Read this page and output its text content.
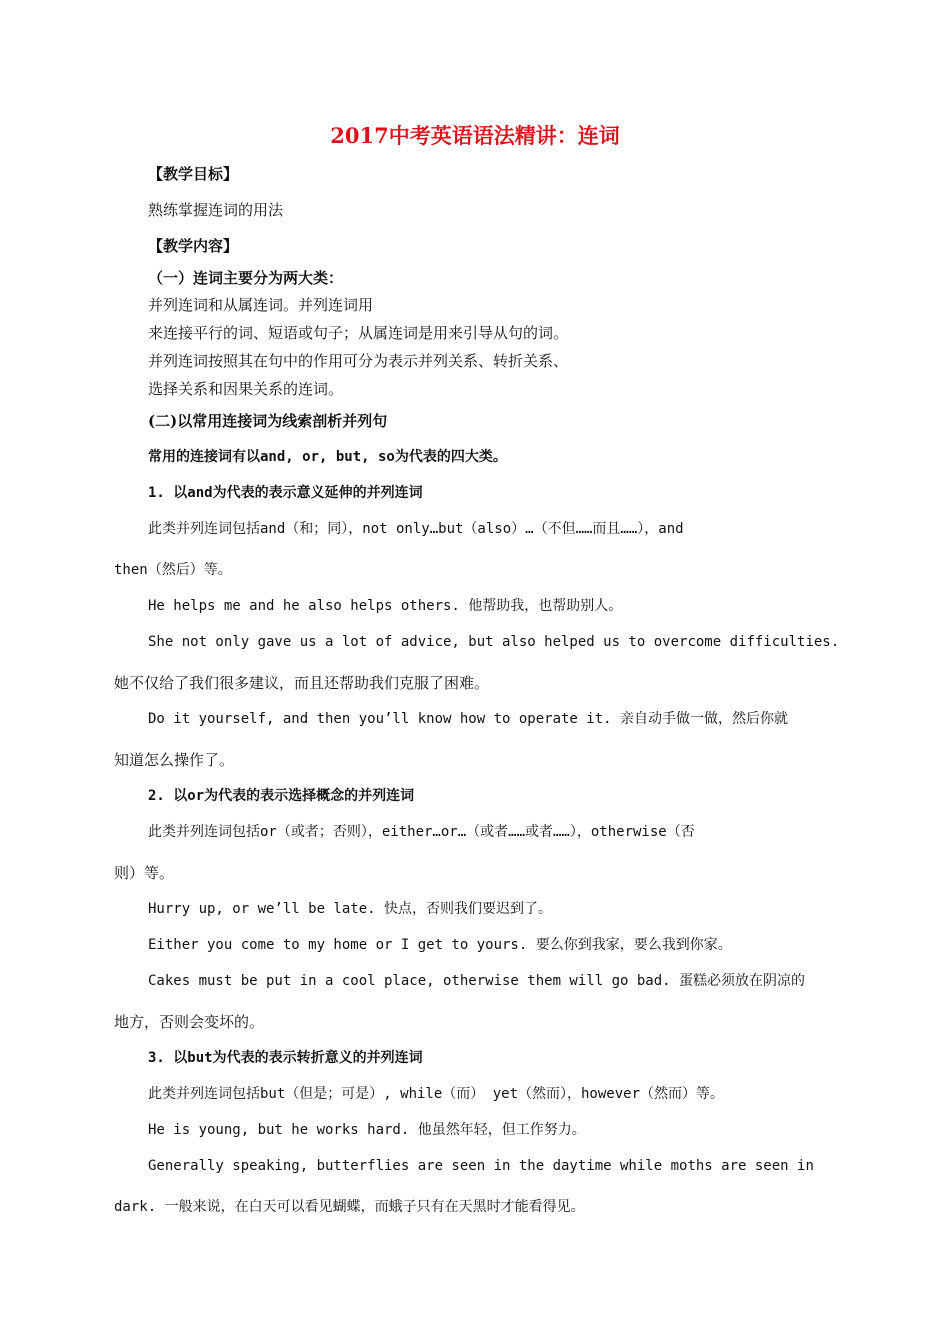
2017中考英语语法精讲：连词
【教学目标】
熟练掌握连词的用法
【教学内容】
（一）连词主要分为两大类：
并列连词和从属连词。并列连词用
来连接平行的词、短语或句子；从属连词是用来引导从句的词。
并列连词按照其在句中的作用可分为表示并列关系、转折关系、
选择关系和因果关系的连词。
(二)以常用连接词为线索剖析并列句
常用的连接词有以and, or, but, so为代表的四大类。
1. 以and为代表的表示意义延伸的并列连词
此类并列连词包括and（和；同），not only…but（also）…（不但……而且……），and
then（然后）等。
He helps me and he also helps others. 他帮助我，也帮助别人。
She not only gave us a lot of advice, but also helped us to overcome difficulties.
她不仅给了我们很多建议，而且还帮助我们克服了困难。
Do it yourself, and then you’ll know how to operate it. 亲自动手做一做，然后你就
知道怎么操作了。
2. 以or为代表的表示选择概念的并列连词
此类并列连词包括or（或者；否则），either…or…（或者……或者……），otherwise（否
则）等。
Hurry up, or we’ll be late. 快点，否则我们要迟到了。
Either you come to my home or I get to yours. 要么你到我家，要么我到你家。
Cakes must be put in a cool place, otherwise them will go bad. 蛋糕必须放在阴凉的
地方，否则会变坏的。
3. 以but为代表的表示转折意义的并列连词
此类并列连词包括but（但是；可是）, while（而） yet（然而），however（然而）等。
He is young, but he works hard. 他虽然年轻，但工作努力。
Generally speaking, butterflies are seen in the daytime while moths are seen in
dark. 一般来说，在白天可以看见蝴蝶，而蛾子只有在天黑时才能看得见。
